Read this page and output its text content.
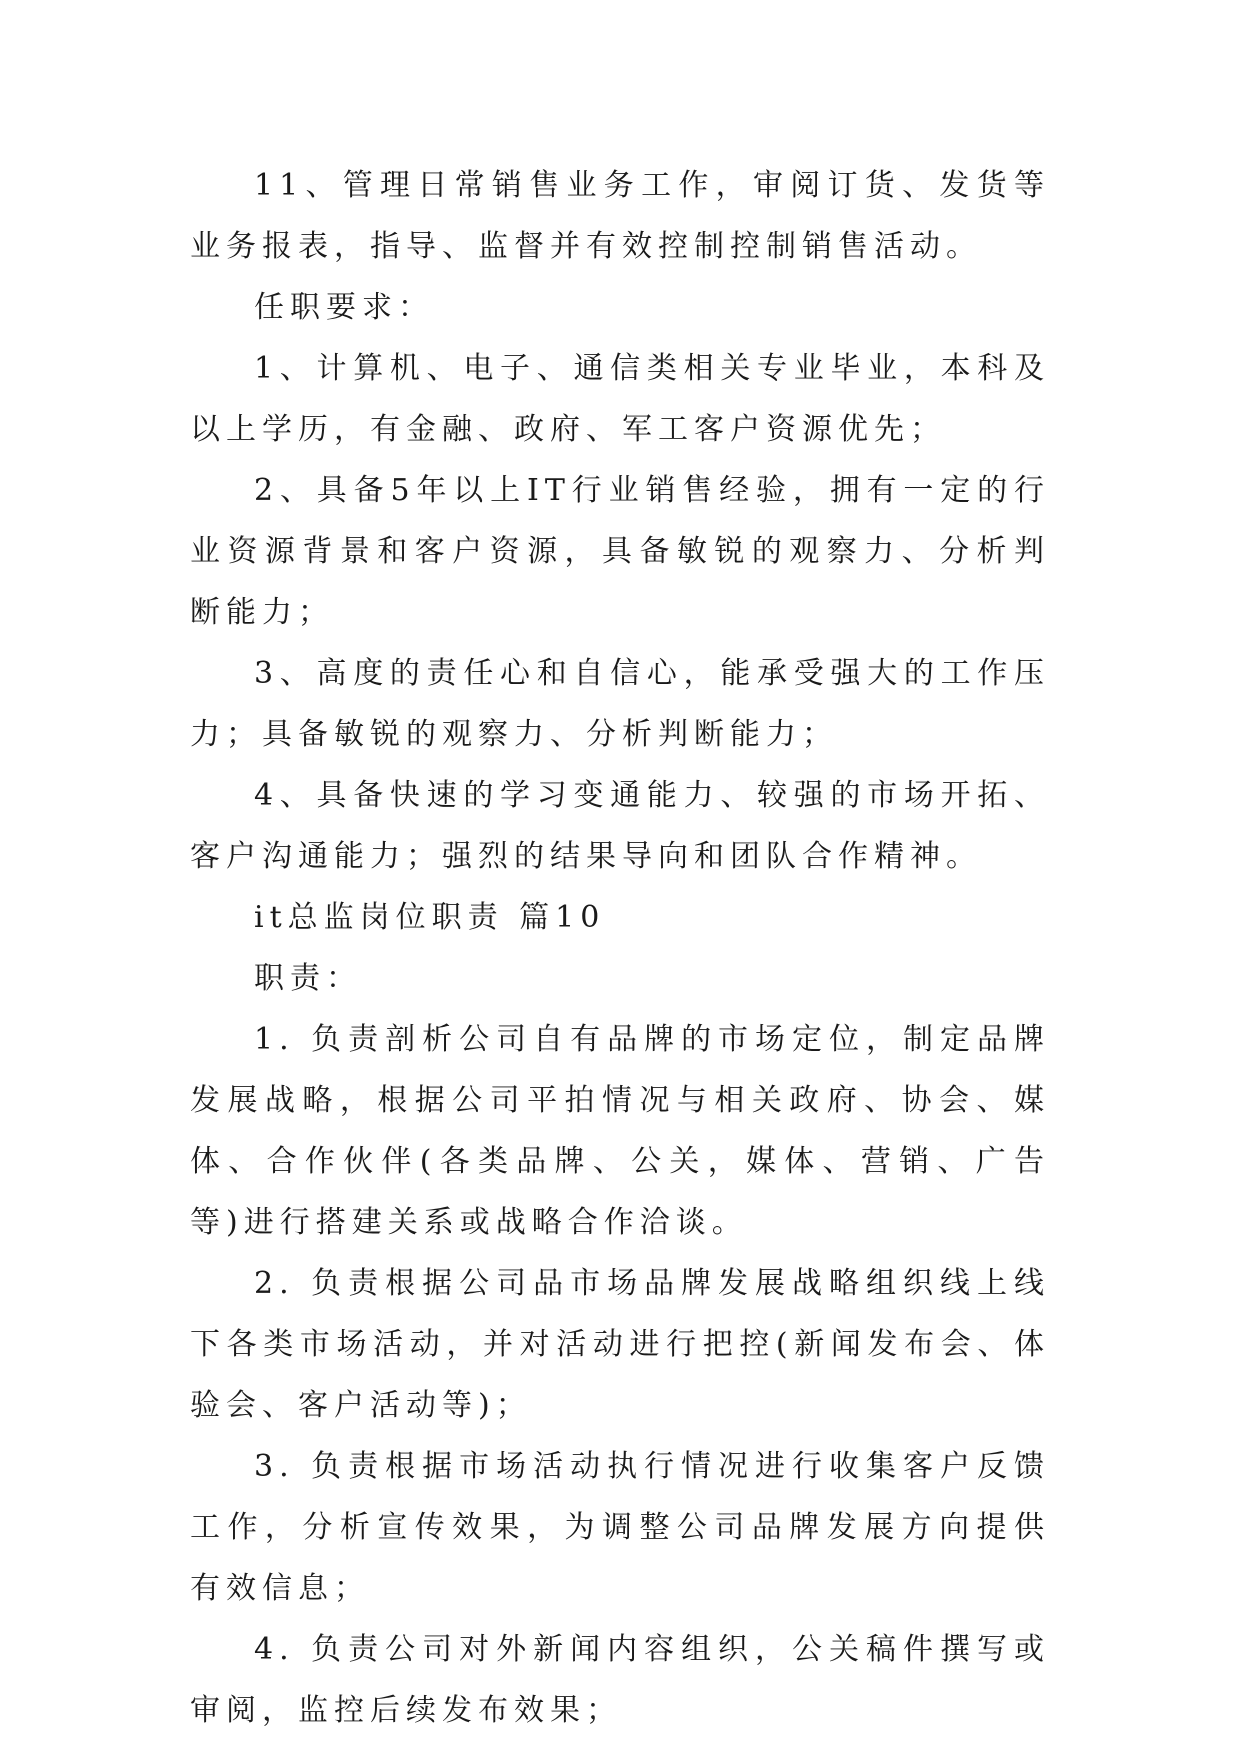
11、管理日常销售业务工作，审阅订货、发货等业务报表，指导、监督并有效控制控制销售活动。

任职要求：

1、计算机、电子、通信类相关专业毕业，本科及以上学历，有金融、政府、军工客户资源优先；

2、具备5年以上IT行业销售经验，拥有一定的行业资源背景和客户资源，具备敏锐的观察力、分析判断能力；

3、高度的责任心和自信心，能承受强大的工作压力；具备敏锐的观察力、分析判断能力；

4、具备快速的学习变通能力、较强的市场开拓、客户沟通能力；强烈的结果导向和团队合作精神。

it总监岗位职责 篇10

职责：

1. 负责剖析公司自有品牌的市场定位，制定品牌发展战略，根据公司平拍情况与相关政府、协会、媒体、合作伙伴(各类品牌、公关，媒体、营销、广告等)进行搭建关系或战略合作洽谈。

2. 负责根据公司品市场品牌发展战略组织线上线下各类市场活动，并对活动进行把控(新闻发布会、体验会、客户活动等)；

3. 负责根据市场活动执行情况进行收集客户反馈工作，分析宣传效果，为调整公司品牌发展方向提供有效信息；

4. 负责公司对外新闻内容组织，公关稿件撰写或审阅，监控后续发布效果；
